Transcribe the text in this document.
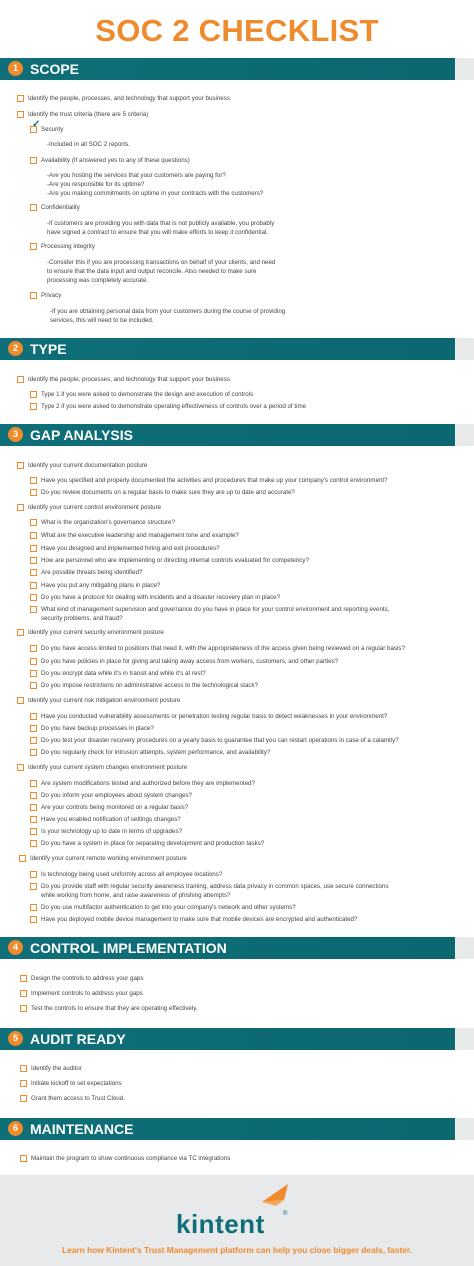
SOC 2 CHECKLIST
1 SCOPE
Identify the people, processes, and technology that support your business
Identify the trust criteria (there are 5 criteria)
✓ Security
-Included in all SOC 2 reports.
Availability (If answered yes to any of these questions)
-Are you hosting the services that your customers are paying for?
-Are you responsible for its uptime?
-Are you making commitments on uptime in your contracts with the customers?
Confidentiality
-If customers are providing you with data that is not publicly available, you probably
have signed a contract to ensure that you will make efforts to keep it confidential.
Processing integrity
-Consider this if you are processing transactions on behalf of your clients, and need
to ensure that the data input and output reconcile. Also needed to make sure
processing was completely accurate.
Privacy
-If you are obtaining personal data from your customers during the course of providing
services, this will need to be included.
2 TYPE
Identify the people, processes, and technology that support your business
Type 1 if you were asked to demonstrate the design and execution of controls
Type 2 if you were asked to demonstrate operating effectiveness of controls over a period of time
3 GAP ANALYSIS
Identify your current documentation posture
Have you specified and properly documented the activities and procedures that make up your company's control environment?
Do you review documents on a regular basis to make sure they are up to date and accurate?
Identify your current control environment posture
What is the organization's governance structure?
What are the executive leadership and management tone and example?
Have you designed and implemented hiring and exit procedures?
How are personnel who are implementing or directing internal controls evaluated for competency?
Are possible threats being identified?
Have you put any mitigating plans in place?
Do you have a protocol for dealing with incidents and a disaster recovery plan in place?
What kind of management supervision and governance do you have in place for your control environment and reporting events,
security problems, and fraud?
Identify your current security environment posture
Do you have access limited to positions that need it, with the appropriateness of the access given being reviewed on a regular basis?
Do you have policies in place for giving and taking away access from workers, customers, and other parties?
Do you encrypt data while it's in transit and while it's at rest?
Do you impose restrictions on administrative access to the technological stack?
Identify your current risk mitigation environment posture
Have you conducted vulnerability assessments or penetration testing regular basis to detect weaknesses in your environment?
Do you have backup processes in place?
Do you test your disaster recovery procedures on a yearly basis to guarantee that you can restart operations in case of a calamity?
Do you regularly check for intrusion attempts, system performance, and availability?
Identify your current system changes environment posture
Are system modifications tested and authorized before they are implemented?
Do you inform your employees about system changes?
Are your controls being monitored on a regular basis?
Have you enabled notification of settings changes?
Is your technology up to date in terms of upgrades?
Do you have a system in place for separating development and production tasks?
Identify your current remote working environment posture
Is technology being used uniformly across all employee locations?
Do you provide staff with regular security awareness training, address data privacy in common spaces, use secure connections
while working from home, and raise awareness of phishing attempts?
Do you use multifactor authentication to get into your company's network and other systems?
Have you deployed mobile device management to make sure that mobile devices are encrypted and authenticated?
4 CONTROL IMPLEMENTATION
Design the controls to address your gaps
Implement controls to address your gaps
Test the controls to ensure that they are operating effectively.
5 AUDIT READY
Identify the auditor
Initiate kickoff to set expectations
Grant them access to Trust Cloud.
6 MAINTENANCE
Maintain the program to show continuous compliance via TC integrations
kintent	®
Learn how Kintent's Trust Management platform can help you close bigger deals, faster.
